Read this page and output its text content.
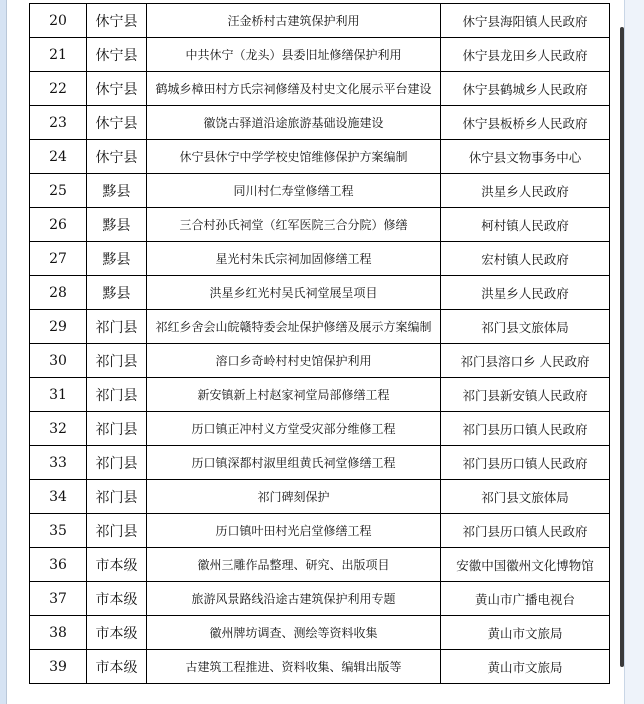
20	休宁县	汪金桥村古建筑保护利用	休宁县海阳镇人民政府
21	休宁县	中共休宁（龙头）县委旧址修缮保护利用	休宁县龙田乡人民政府
22	休宁县	鹤城乡樟田村方氏宗祠修缮及村史文化展示平台建设	休宁县鹤城乡人民政府
23	休宁县	徽饶古驿道沿途旅游基础设施建设	休宁县板桥乡人民政府
24	休宁县	休宁县休宁中学学校史馆维修保护方案编制	休宁县文物事务中心
25	黟县	同川村仁寿堂修缮工程	洪星乡人民政府
26	黟县	三合村孙氏祠堂（红军医院三合分院）修缮	柯村镇人民政府
27	黟县	星光村朱氏宗祠加固修缮工程	宏村镇人民政府
28	黟县	洪星乡红光村吴氏祠堂展呈项目	洪星乡人民政府
29	祁门县	祁红乡舍会山皖赣特委会址保护修缮及展示方案编制	祁门县文旅体局
30	祁门县	溶口乡奇岭村村史馆保护利用	祁门县溶口乡 人民政府
31	祁门县	新安镇新上村赵家祠堂局部修缮工程	祁门县新安镇人民政府
32	祁门县	历口镇正冲村义方堂受灾部分维修工程	祁门县历口镇人民政府
33	祁门县	历口镇深都村淑里组黄氏祠堂修缮工程	祁门县历口镇人民政府
34	祁门县	祁门碑刻保护	祁门县文旅体局
35	祁门县	历口镇叶田村光启堂修缮工程	祁门县历口镇人民政府
36	市本级	徽州三雕作品整理、研究、出版项目	安徽中国徽州文化博物馆
37	市本级	旅游风景路线沿途古建筑保护利用专题	黄山市广播电视台
38	市本级	徽州牌坊调查、测绘等资料收集	黄山市文旅局
39	市本级	古建筑工程推进、资料收集、编辑出版等	黄山市文旅局
